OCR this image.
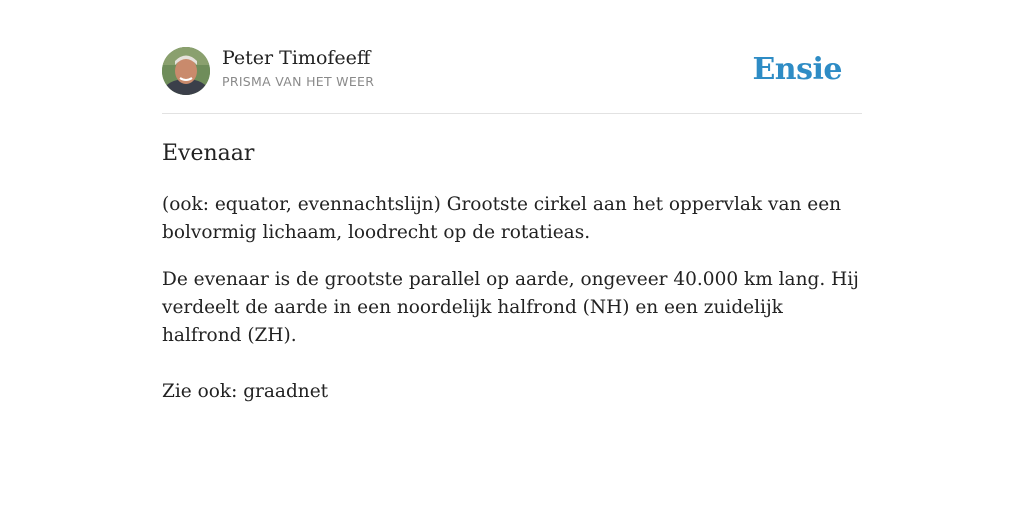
Peter Timofeeff
PRISMA VAN HET WEER	Ensie
Evenaar

(ook: equator, evennachtslijn) Grootste cirkel aan het oppervlak van een bolvormig lichaam, loodrecht op de rotatieas.

De evenaar is de grootste parallel op aarde, ongeveer 40.000 km lang. Hij verdeelt de aarde in een noordelijk halfrond (NH) en een zuidelijk halfrond (ZH).

Zie ook: graadnet
